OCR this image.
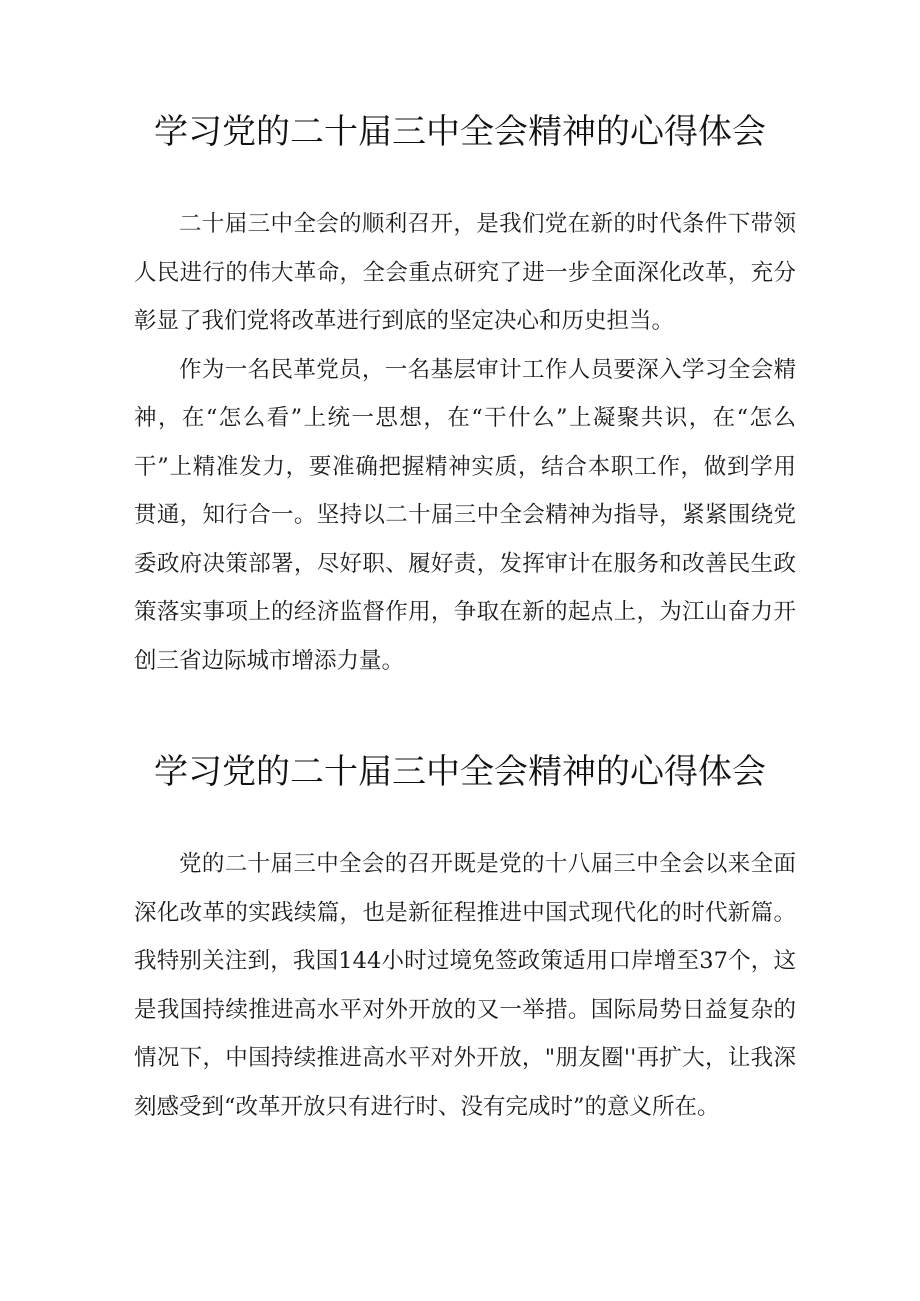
学习党的二十届三中全会精神的心得体会

二十届三中全会的顺利召开，是我们党在新的时代条件下带领人民进行的伟大革命，全会重点研究了进一步全面深化改革，充分彰显了我们党将改革进行到底的坚定决心和历史担当。

作为一名民革党员，一名基层审计工作人员要深入学习全会精神，在“怎么看”上统一思想，在“干什么”上凝聚共识，在“怎么干”上精准发力，要准确把握精神实质，结合本职工作，做到学用贯通，知行合一。坚持以二十届三中全会精神为指导，紧紧围绕党委政府决策部署，尽好职、履好责，发挥审计在服务和改善民生政策落实事项上的经济监督作用，争取在新的起点上，为江山奋力开创三省边际城市增添力量。

学习党的二十届三中全会精神的心得体会

党的二十届三中全会的召开既是党的十八届三中全会以来全面深化改革的实践续篇，也是新征程推进中国式现代化的时代新篇。我特别关注到，我国144小时过境免签政策适用口岸增至37个，这是我国持续推进高水平对外开放的又一举措。国际局势日益复杂的情况下，中国持续推进高水平对外开放，"朋友圈''再扩大，让我深刻感受到“改革开放只有进行时、没有完成时”的意义所在。
